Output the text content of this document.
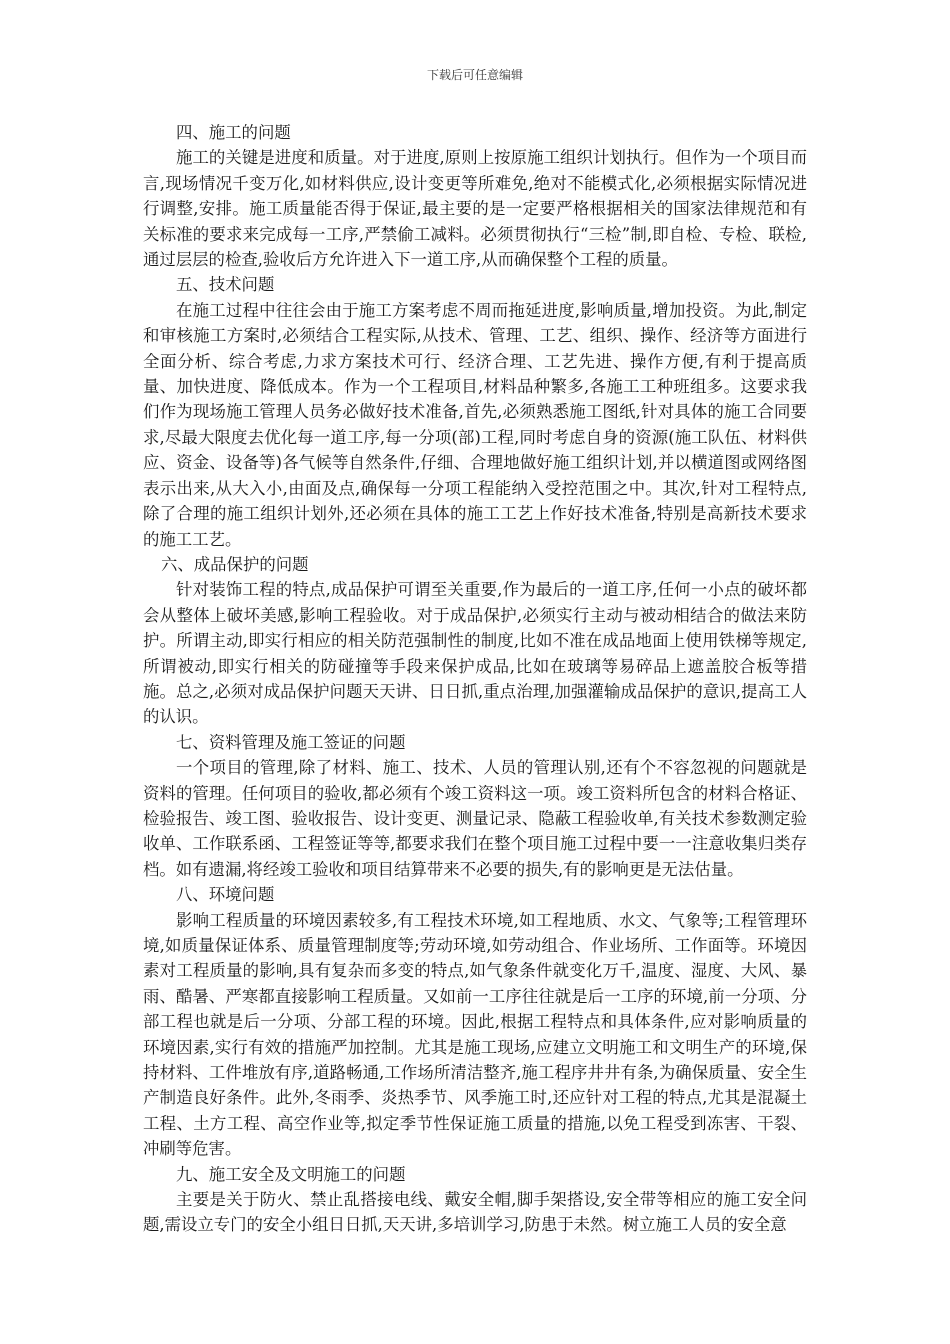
下载后可任意编辑

四、施工的问题

施工的关键是进度和质量。对于进度,原则上按原施工组织计划执行。但作为一个项目而言,现场情况千变万化,如材料供应,设计变更等所难免,绝对不能模式化,必须根据实际情况进行调整,安排。施工质量能否得于保证,最主要的是一定要严格根据相关的国家法律规范和有关标准的要求来完成每一工序,严禁偷工减料。必须贯彻执行“三检”制,即自检、专检、联检,通过层层的检查,验收后方允许进入下一道工序,从而确保整个工程的质量。

五、技术问题

在施工过程中往往会由于施工方案考虑不周而拖延进度,影响质量,增加投资。为此,制定和审核施工方案时,必须结合工程实际,从技术、管理、工艺、组织、操作、经济等方面进行全面分析、综合考虑,力求方案技术可行、经济合理、工艺先进、操作方便,有利于提高质量、加快进度、降低成本。作为一个工程项目,材料品种繁多,各施工工种班组多。这要求我们作为现场施工管理人员务必做好技术准备,首先,必须熟悉施工图纸,针对具体的施工合同要求,尽最大限度去优化每一道工序,每一分项(部)工程,同时考虑自身的资源(施工队伍、材料供应、资金、设备等)各气候等自然条件,仔细、合理地做好施工组织计划,并以横道图或网络图表示出来,从大入小,由面及点,确保每一分项工程能纳入受控范围之中。其次,针对工程特点,除了合理的施工组织计划外,还必须在具体的施工工艺上作好技术准备,特别是高新技术要求的施工工艺。

六、成品保护的问题

针对装饰工程的特点,成品保护可谓至关重要,作为最后的一道工序,任何一小点的破坏都会从整体上破坏美感,影响工程验收。对于成品保护,必须实行主动与被动相结合的做法来防护。所谓主动,即实行相应的相关防范强制性的制度,比如不准在成品地面上使用铁梯等规定,所谓被动,即实行相关的防碰撞等手段来保护成品,比如在玻璃等易碎品上遮盖胶合板等措施。总之,必须对成品保护问题天天讲、日日抓,重点治理,加强灌输成品保护的意识,提高工人的认识。

七、资料管理及施工签证的问题

一个项目的管理,除了材料、施工、技术、人员的管理认别,还有个不容忽视的问题就是资料的管理。任何项目的验收,都必须有个竣工资料这一项。竣工资料所包含的材料合格证、检验报告、竣工图、验收报告、设计变更、测量记录、隐蔽工程验收单,有关技术参数测定验收单、工作联系函、工程签证等等,都要求我们在整个项目施工过程中要一一注意收集归类存档。如有遗漏,将经竣工验收和项目结算带来不必要的损失,有的影响更是无法估量。

八、环境问题

影响工程质量的环境因素较多,有工程技术环境,如工程地质、水文、气象等;工程管理环境,如质量保证体系、质量管理制度等;劳动环境,如劳动组合、作业场所、工作面等。环境因素对工程质量的影响,具有复杂而多变的特点,如气象条件就变化万千,温度、湿度、大风、暴雨、酷暑、严寒都直接影响工程质量。又如前一工序往往就是后一工序的环境,前一分项、分部工程也就是后一分项、分部工程的环境。因此,根据工程特点和具体条件,应对影响质量的环境因素,实行有效的措施严加控制。尤其是施工现场,应建立文明施工和文明生产的环境,保持材料、工件堆放有序,道路畅通,工作场所清洁整齐,施工程序井井有条,为确保质量、安全生产制造良好条件。此外,冬雨季、炎热季节、风季施工时,还应针对工程的特点,尤其是混凝土工程、土方工程、高空作业等,拟定季节性保证施工质量的措施,以免工程受到冻害、干裂、冲刷等危害。

九、施工安全及文明施工的问题

主要是关于防火、禁止乱搭接电线、戴安全帽,脚手架搭设,安全带等相应的施工安全问题,需设立专门的安全小组日日抓,天天讲,多培训学习,防患于未然。树立施工人员的安全意
